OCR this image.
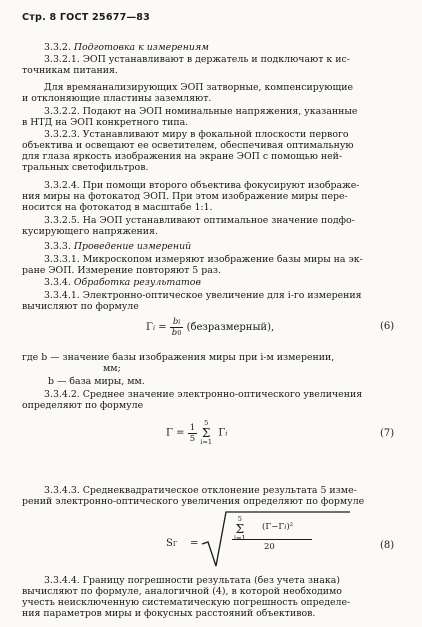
Стр. 8 ГОСТ 25677—83
3.3.2. Подготовка к измерениям
3.3.2.1. ЭОП устанавливают в держатель и подключают к ис-
точникам питания.
Для времяанализирующих ЭОП затворные, компенсирующие
и отклоняющие пластины заземляют.
3.3.2.2. Подают на ЭОП номинальные напряжения, указанные
в НТД на ЭОП конкретного типа.
3.3.2.3. Устанавливают миру в фокальной плоскости первого
объектива и освещают ее осветителем, обеспечивая оптимальную
для глаза яркость изображения на экране ЭОП с помощью ней-
тральных светофильтров.
3.3.2.4. При помощи второго объектива фокусируют изображе-
ния миры на фотокатод ЭОП. При этом изображение миры пере-
носится на фотокатод в масштабе 1:1.
3.3.2.5. На ЭОП устанавливают оптимальное значение подфо-
кусирующего напряжения.
3.3.3. Проведение измерений
3.3.3.1. Микроскопом измеряют изображение базы миры на эк-
ране ЭОП. Измерение повторяют 5 раз.
3.3.4. Обработка результатов
3.3.4.1. Электронно-оптическое увеличение для i-го измерения
вычисляют по формуле
где b — значение базы изображения миры при i-м измерении,
мм;
b — база миры, мм.
3.3.4.2. Среднее значение электронно-оптического увеличения
определяют по формуле
3.3.4.3. Среднеквадратическое отклонение результата 5 изме-
рений электронно-оптического увеличения определяют по формуле
3.3.4.4. Границу погрешности результата (без учета знака)
вычисляют по формуле, аналогичной (4), в которой необходимо
учесть неисключенную систематическую погрешность определе-
ния параметров миры и фокусных расстояний объективов.
$\Gamma i = \frac{bi}{b0}$ (безразмерный),	(6)
$\Gamma = \frac{1}{5}$
	5
Σ
i=1
Γi	(7)
SΓ =
5
Σ
i=1
(Γ−Γi)²
20	(8)
